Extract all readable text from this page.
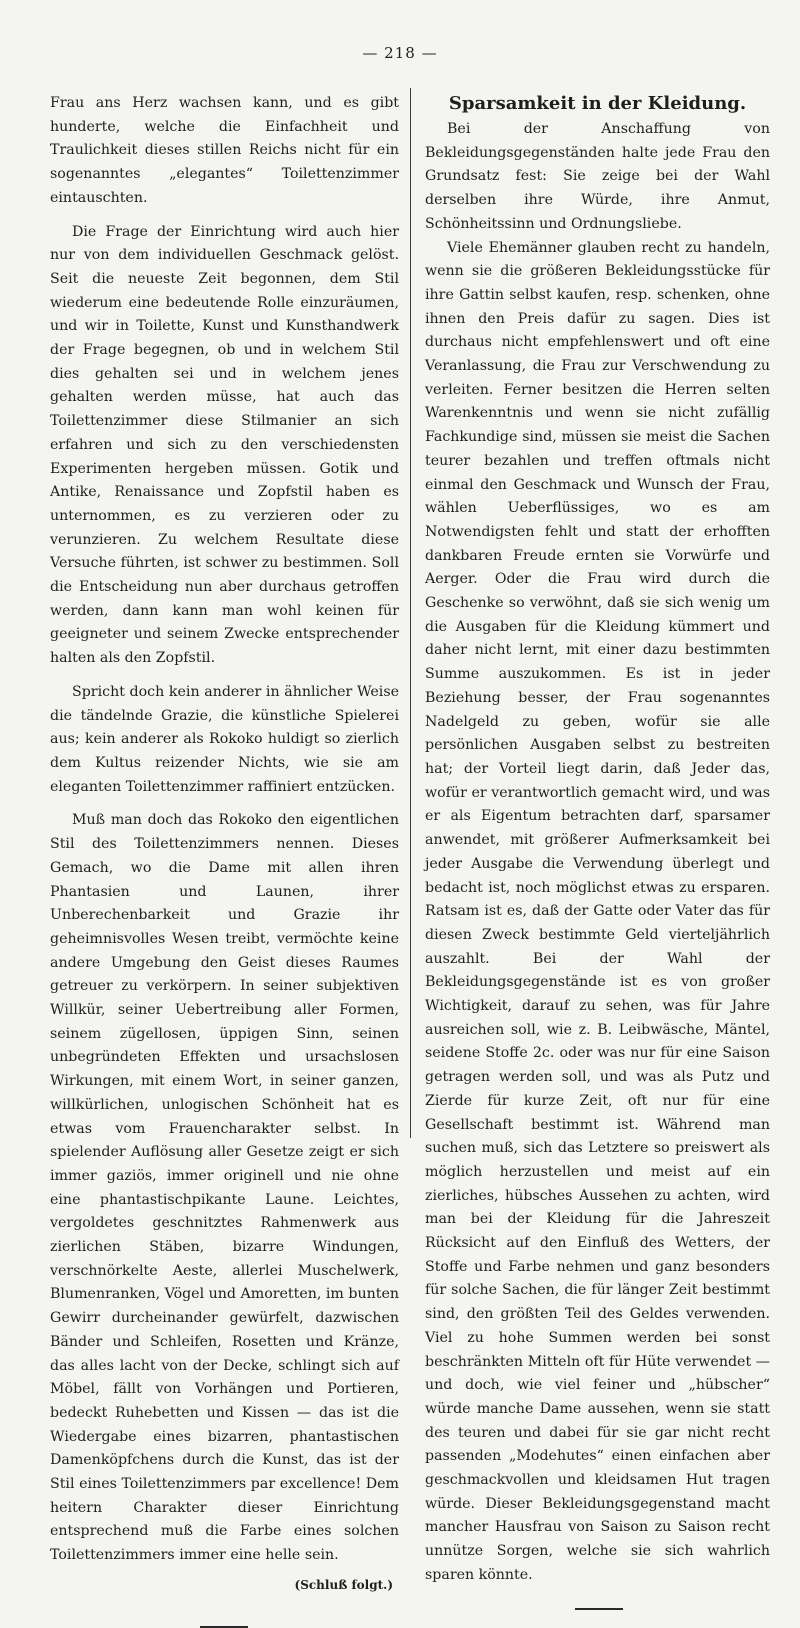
— 218 —

Frau ans Herz wachsen kann, und es gibt hunderte, welche die Einfachheit und Traulichkeit dieses stillen Reichs nicht für ein sogenanntes „elegantes“ Toilettenzimmer eintauschten.

Die Frage der Einrichtung wird auch hier nur von dem individuellen Geschmack gelöst. Seit die neueste Zeit begonnen, dem Stil wiederum eine bedeutende Rolle einzuräumen, und wir in Toilette, Kunst und Kunsthandwerk der Frage begegnen, ob und in welchem Stil dies gehalten sei und in welchem jenes gehalten werden müsse, hat auch das Toilettenzimmer diese Stilmanier an sich erfahren und sich zu den verschiedensten Experimenten hergeben müssen. Gotik und Antike, Renaissance und Zopfstil haben es unternommen, es zu verzieren oder zu verunzieren. Zu welchem Resultate diese Versuche führten, ist schwer zu bestimmen. Soll die Entscheidung nun aber durchaus getroffen werden, dann kann man wohl keinen für geeigneter und seinem Zwecke entsprechender halten als den Zopfstil.

Spricht doch kein anderer in ähnlicher Weise die tändelnde Grazie, die künstliche Spielerei aus; kein anderer als Rokoko huldigt so zierlich dem Kultus reizender Nichts, wie sie am eleganten Toilettenzimmer raffiniert entzücken.

Muß man doch das Rokoko den eigentlichen Stil des Toilettenzimmers nennen. Dieses Gemach, wo die Dame mit allen ihren Phantasien und Launen, ihrer Unberechenbarkeit und Grazie ihr geheimnisvolles Wesen treibt, vermöchte keine andere Umgebung den Geist dieses Raumes getreuer zu verkörpern. In seiner subjektiven Willkür, seiner Uebertreibung aller Formen, seinem zügellosen, üppigen Sinn, seinen unbegründeten Effekten und ursachslosen Wirkungen, mit einem Wort, in seiner ganzen, willkürlichen, unlogischen Schönheit hat es etwas vom Frauencharakter selbst. In spielender Auflösung aller Gesetze zeigt er sich immer gaziös, immer originell und nie ohne eine phantastischpikante Laune. Leichtes, vergoldetes geschnitztes Rahmenwerk aus zierlichen Stäben, bizarre Windungen, verschnörkelte Aeste, allerlei Muschelwerk, Blumenranken, Vögel und Amoretten, im bunten Gewirr durcheinander gewürfelt, dazwischen Bänder und Schleifen, Rosetten und Kränze, das alles lacht von der Decke, schlingt sich auf Möbel, fällt von Vorhängen und Portieren, bedeckt Ruhebetten und Kissen — das ist die Wiedergabe eines bizarren, phantastischen Damenköpfchens durch die Kunst, das ist der Stil eines Toilettenzimmers par excellence! Dem heitern Charakter dieser Einrichtung entsprechend muß die Farbe eines solchen Toilettenzimmers immer eine helle sein.

(Schluß folgt.)
Sparsamkeit in der Kleidung.

Bei der Anschaffung von Bekleidungsgegenständen halte jede Frau den Grundsatz fest: Sie zeige bei der Wahl derselben ihre Würde, ihre Anmut, Schönheitssinn und Ordnungsliebe.

Viele Ehemänner glauben recht zu handeln, wenn sie die größeren Bekleidungsstücke für ihre Gattin selbst kaufen, resp. schenken, ohne ihnen den Preis dafür zu sagen. Dies ist durchaus nicht empfehlenswert und oft eine Veranlassung, die Frau zur Verschwendung zu verleiten. Ferner besitzen die Herren selten Warenkenntnis und wenn sie nicht zufällig Fachkundige sind, müssen sie meist die Sachen teurer bezahlen und treffen oftmals nicht einmal den Geschmack und Wunsch der Frau, wählen Ueberflüssiges, wo es am Notwendigsten fehlt und statt der erhofften dankbaren Freude ernten sie Vorwürfe und Aerger. Oder die Frau wird durch die Geschenke so verwöhnt, daß sie sich wenig um die Ausgaben für die Kleidung kümmert und daher nicht lernt, mit einer dazu bestimmten Summe auszukommen. Es ist in jeder Beziehung besser, der Frau sogenanntes Nadelgeld zu geben, wofür sie alle persönlichen Ausgaben selbst zu bestreiten hat; der Vorteil liegt darin, daß Jeder das, wofür er verantwortlich gemacht wird, und was er als Eigentum betrachten darf, sparsamer anwendet, mit größerer Aufmerksamkeit bei jeder Ausgabe die Verwendung überlegt und bedacht ist, noch möglichst etwas zu ersparen. Ratsam ist es, daß der Gatte oder Vater das für diesen Zweck bestimmte Geld vierteljährlich auszahlt. Bei der Wahl der Bekleidungsgegenstände ist es von großer Wichtigkeit, darauf zu sehen, was für Jahre ausreichen soll, wie z. B. Leibwäsche, Mäntel, seidene Stoffe 2c. oder was nur für eine Saison getragen werden soll, und was als Putz und Zierde für kurze Zeit, oft nur für eine Gesellschaft bestimmt ist. Während man suchen muß, sich das Letztere so preiswert als möglich herzustellen und meist auf ein zierliches, hübsches Aussehen zu achten, wird man bei der Kleidung für die Jahreszeit Rücksicht auf den Einfluß des Wetters, der Stoffe und Farbe nehmen und ganz besonders für solche Sachen, die für länger Zeit bestimmt sind, den größten Teil des Geldes verwenden. Viel zu hohe Summen werden bei sonst beschränkten Mitteln oft für Hüte verwendet — und doch, wie viel feiner und „hübscher“ würde manche Dame aussehen, wenn sie statt des teuren und dabei für sie gar nicht recht passenden „Modehutes“ einen einfachen aber geschmackvollen und kleidsamen Hut tragen würde. Dieser Bekleidungsgegenstand macht mancher Hausfrau von Saison zu Saison recht unnütze Sorgen, welche sie sich wahrlich sparen könnte.
